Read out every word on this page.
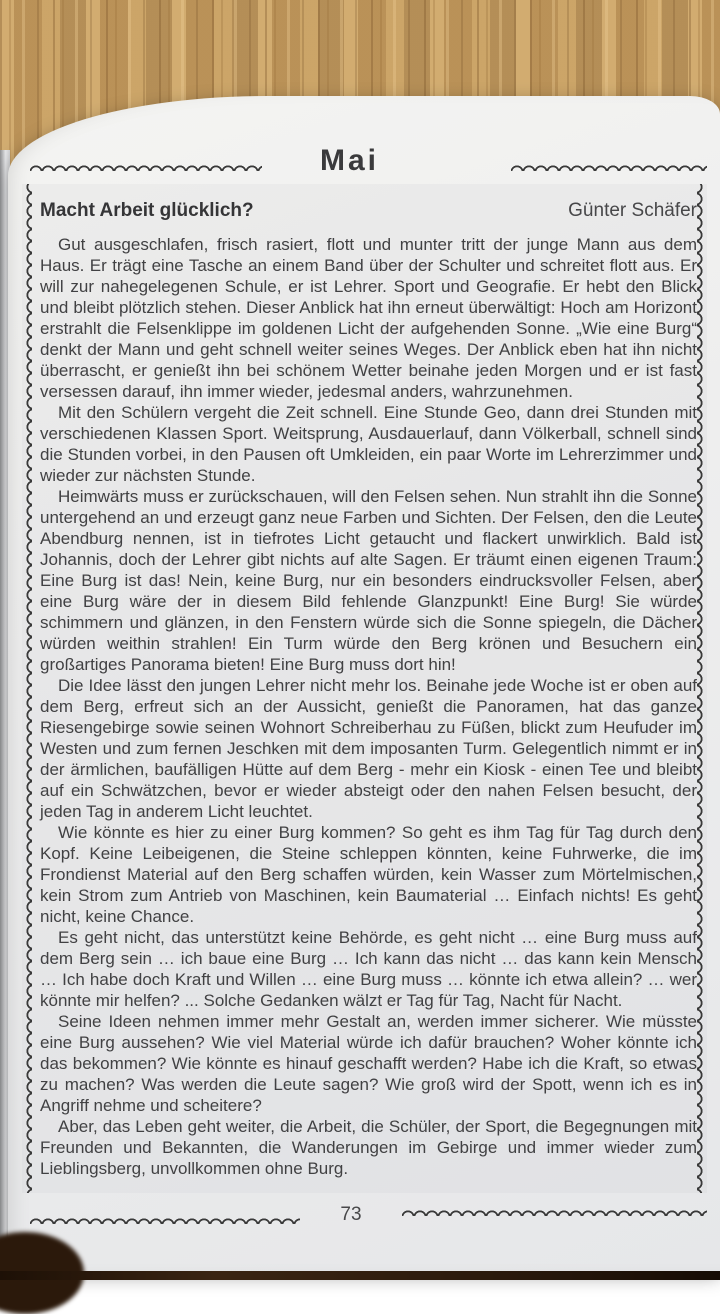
Mai
Macht Arbeit glücklich?	Günter Schäfer

Gut ausgeschlafen, frisch rasiert, flott und munter tritt der junge Mann aus dem Haus. Er trägt eine Tasche an einem Band über der Schulter und schreitet flott aus. Er will zur nahegelegenen Schule, er ist Lehrer. Sport und Geografie. Er hebt den Blick und bleibt plötzlich stehen. Dieser Anblick hat ihn erneut überwältigt: Hoch am Horizont erstrahlt die Felsenklippe im goldenen Licht der aufgehenden Sonne. „Wie eine Burg“ denkt der Mann und geht schnell weiter seines Weges. Der Anblick eben hat ihn nicht überrascht, er genießt ihn bei schönem Wetter beinahe jeden Morgen und er ist fast versessen darauf, ihn immer wieder, jedesmal anders, wahrzunehmen.

Mit den Schülern vergeht die Zeit schnell. Eine Stunde Geo, dann drei Stunden mit verschiedenen Klassen Sport. Weitsprung, Ausdauerlauf, dann Völkerball, schnell sind die Stunden vorbei, in den Pausen oft Umkleiden, ein paar Worte im Lehrerzimmer und wieder zur nächsten Stunde.

Heimwärts muss er zurückschauen, will den Felsen sehen. Nun strahlt ihn die Sonne untergehend an und erzeugt ganz neue Farben und Sichten. Der Felsen, den die Leute Abendburg nennen, ist in tiefrotes Licht getaucht und flackert unwirklich. Bald ist Johannis, doch der Lehrer gibt nichts auf alte Sagen. Er träumt einen eigenen Traum: Eine Burg ist das! Nein, keine Burg, nur ein besonders eindrucksvoller Felsen, aber eine Burg wäre der in diesem Bild fehlende Glanzpunkt! Eine Burg! Sie würde schimmern und glänzen, in den Fenstern würde sich die Sonne spiegeln, die Dächer würden weithin strahlen! Ein Turm würde den Berg krönen und Besuchern ein großartiges Panorama bieten! Eine Burg muss dort hin!

Die Idee lässt den jungen Lehrer nicht mehr los. Beinahe jede Woche ist er oben auf dem Berg, erfreut sich an der Aussicht, genießt die Panoramen, hat das ganze Riesengebirge sowie seinen Wohnort Schreiberhau zu Füßen, blickt zum Heufuder im Westen und zum fernen Jeschken mit dem imposanten Turm. Gelegentlich nimmt er in der ärmlichen, baufälligen Hütte auf dem Berg - mehr ein Kiosk - einen Tee und bleibt auf ein Schwätzchen, bevor er wieder absteigt oder den nahen Felsen besucht, der jeden Tag in anderem Licht leuchtet.

Wie könnte es hier zu einer Burg kommen? So geht es ihm Tag für Tag durch den Kopf. Keine Leibeigenen, die Steine schleppen könnten, keine Fuhrwerke, die im Frondienst Material auf den Berg schaffen würden, kein Wasser zum Mörtelmischen, kein Strom zum Antrieb von Maschinen, kein Baumaterial … Einfach nichts! Es geht nicht, keine Chance.

Es geht nicht, das unterstützt keine Behörde, es geht nicht … eine Burg muss auf dem Berg sein … ich baue eine Burg … Ich kann das nicht … das kann kein Mensch … Ich habe doch Kraft und Willen … eine Burg muss … könnte ich etwa allein? … wer könnte mir helfen? ... Solche Gedanken wälzt er Tag für Tag, Nacht für Nacht.

Seine Ideen nehmen immer mehr Gestalt an, werden immer sicherer. Wie müsste eine Burg aussehen? Wie viel Material würde ich dafür brauchen? Woher könnte ich das bekommen? Wie könnte es hinauf geschafft werden? Habe ich die Kraft, so etwas zu machen? Was werden die Leute sagen? Wie groß wird der Spott, wenn ich es in Angriff nehme und scheitere?

Aber, das Leben geht weiter, die Arbeit, die Schüler, der Sport, die Begegnungen mit Freunden und Bekannten, die Wanderungen im Gebirge und immer wieder zum Lieblingsberg, unvollkommen ohne Burg.

73
